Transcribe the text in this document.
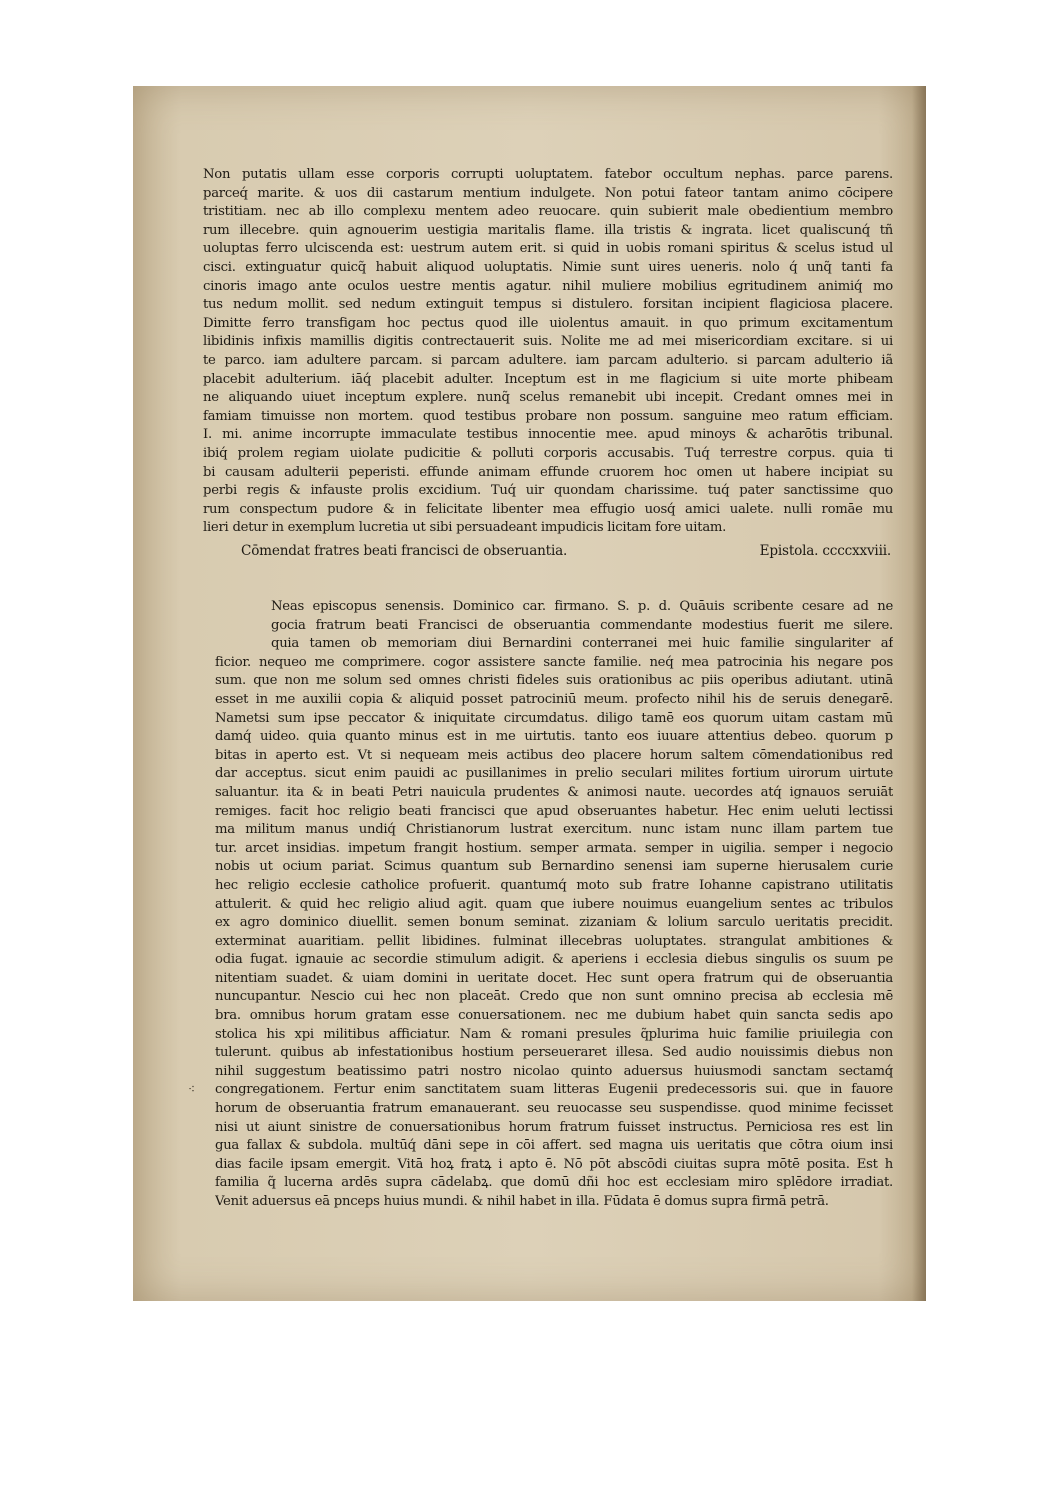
Non putatis ullam esse corporis corrupti uoluptatem. fatebor occultum nephas. parce parens.
parceq́ marite. & uos dii castarum mentium indulgete. Non potui fateor tantam animo cōcipere
tristitiam. nec ab illo complexu mentem adeo reuocare. quin subierit male obedientium membro
rum illecebre. quin agnouerim uestigia maritalis flame. illa tristis & ingrata. licet qualiscunq́ tñ
uoluptas ferro ulciscenda est: uestrum autem erit. si quid in uobis romani spiritus & scelus istud ul
cisci. extinguatur quicq̃ habuit aliquod uoluptatis. Nimie sunt uires ueneris. nolo q́ unq̃ tanti fa
cinoris imago ante oculos uestre mentis agatur. nihil muliere mobilius egritudinem animiq́ mo
tus nedum mollit. sed nedum extinguit tempus si distulero. forsitan incipient flagiciosa placere.
Dimitte ferro transfigam hoc pectus quod ille uiolentus amauit. in quo primum excitamentum
libidinis infixis mamillis digitis contrectauerit suis. Nolite me ad mei misericordiam excitare. si ui
te parco. iam adultere parcam. si parcam adultere. iam parcam adulterio. si parcam adulterio iã
placebit adulterium. iāq́ placebit adulter. Inceptum est in me flagicium si uite morte phibeam
ne aliquando uiuet inceptum explere. nunq̃ scelus remanebit ubi incepit. Credant omnes mei in
famiam timuisse non mortem. quod testibus probare non possum. sanguine meo ratum efficiam.
I. mi. anime incorrupte immaculate testibus innocentie mee. apud minoys & acharōtis tribunal.
ibiq́ prolem regiam uiolate pudicitie & polluti corporis accusabis. Tuq́ terrestre corpus. quia ti
bi causam adulterii peperisti. effunde animam effunde cruorem hoc omen ut habere incipiat su
perbi regis & infauste prolis excidium. Tuq́ uir quondam charissime. tuq́ pater sanctissime quo
rum conspectum pudore & in felicitate libenter mea effugio uosq́ amici ualete. nulli romāe mu
lieri detur in exemplum lucretia ut sibi persuadeant impudicis licitam fore uitam.
Cōmendat fratres beati francisci de obseruantia.	Epistola. ccccxxviii.
Neas episcopus senensis. Dominico car. firmano. S. p. d. Quāuis scribente cesare ad ne
gocia fratrum beati Francisci de obseruantia commendante modestius fuerit me silere.
quia tamen ob memoriam diui Bernardini conterranei mei huic familie singulariter af
ficior. nequeo me comprimere. cogor assistere sancte familie. neq́ mea patrocinia his negare pos
sum. que non me solum sed omnes christi fideles suis orationibus ac piis operibus adiutant. utinā
esset in me auxilii copia & aliquid posset patrociniū meum. profecto nihil his de seruis denegarē.
Nametsi sum ipse peccator & iniquitate circumdatus. diligo tamē eos quorum uitam castam mū
damq́ uideo. quia quanto minus est in me uirtutis. tanto eos iuuare attentius debeo. quorum p
bitas in aperto est. Vt si nequeam meis actibus deo placere horum saltem cōmendationibus red
dar acceptus. sicut enim pauidi ac pusillanimes in prelio seculari milites fortium uirorum uirtute
saluantur. ita & in beati Petri nauicula prudentes & animosi naute. uecordes atq́ ignauos seruiāt
remiges. facit hoc religio beati francisci que apud obseruantes habetur. Hec enim ueluti lectissi
ma militum manus undiq́ Christianorum lustrat exercitum. nunc istam nunc illam partem tue
tur. arcet insidias. impetum frangit hostium. semper armata. semper in uigilia. semper i negocio
nobis ut ocium pariat. Scimus quantum sub Bernardino senensi iam superne hierusalem curie
hec religio ecclesie catholice profuerit. quantumq́ moto sub fratre Iohanne capistrano utilitatis
attulerit. & quid hec religio aliud agit. quam que iubere nouimus euangelium sentes ac tribulos
ex agro dominico diuellit. semen bonum seminat. zizaniam & lolium sarculo ueritatis precidit.
exterminat auaritiam. pellit libidines. fulminat illecebras uoluptates. strangulat ambitiones &
odia fugat. ignauie ac secordie stimulum adigit. & aperiens i ecclesia diebus singulis os suum pe
nitentiam suadet. & uiam domini in ueritate docet. Hec sunt opera fratrum qui de obseruantia
nuncupantur. Nescio cui hec non placeāt. Credo que non sunt omnino precisa ab ecclesia mē
bra. omnibus horum gratam esse conuersationem. nec me dubium habet quin sancta sedis apo
stolica his xpi militibus afficiatur. Nam & romani presules q̃plurima huic familie priuilegia con
tulerunt. quibus ab infestationibus hostium perseueraret illesa. Sed audio nouissimis diebus non
nihil suggestum beatissimo patri nostro nicolao quinto aduersus huiusmodi sanctam sectamq́
congregationem. Fertur enim sanctitatem suam litteras Eugenii predecessoris sui. que in fauore
horum de obseruantia fratrum emanauerant. seu reuocasse seu suspendisse. quod minime fecisset
nisi ut aiunt sinistre de conuersationibus horum fratrum fuisset instructus. Perniciosa res est lin
gua fallax & subdola. multūq́ dāni sepe in cōi affert. sed magna uis ueritatis que cōtra oium insi
dias facile ipsam emergit. Vitā hoꝝ fratꝝ i apto ē. Nō pōt abscōdi ciuitas supra mōtē posita. Est h
familia q̃ lucerna ardēs supra cādelabꝝ. que domū dñi hoc est ecclesiam miro splēdore irradiat.
Venit aduersus eā pnceps huius mundi. & nihil habet in illa. Fūdata ē domus supra firmā petrā.
⁖
